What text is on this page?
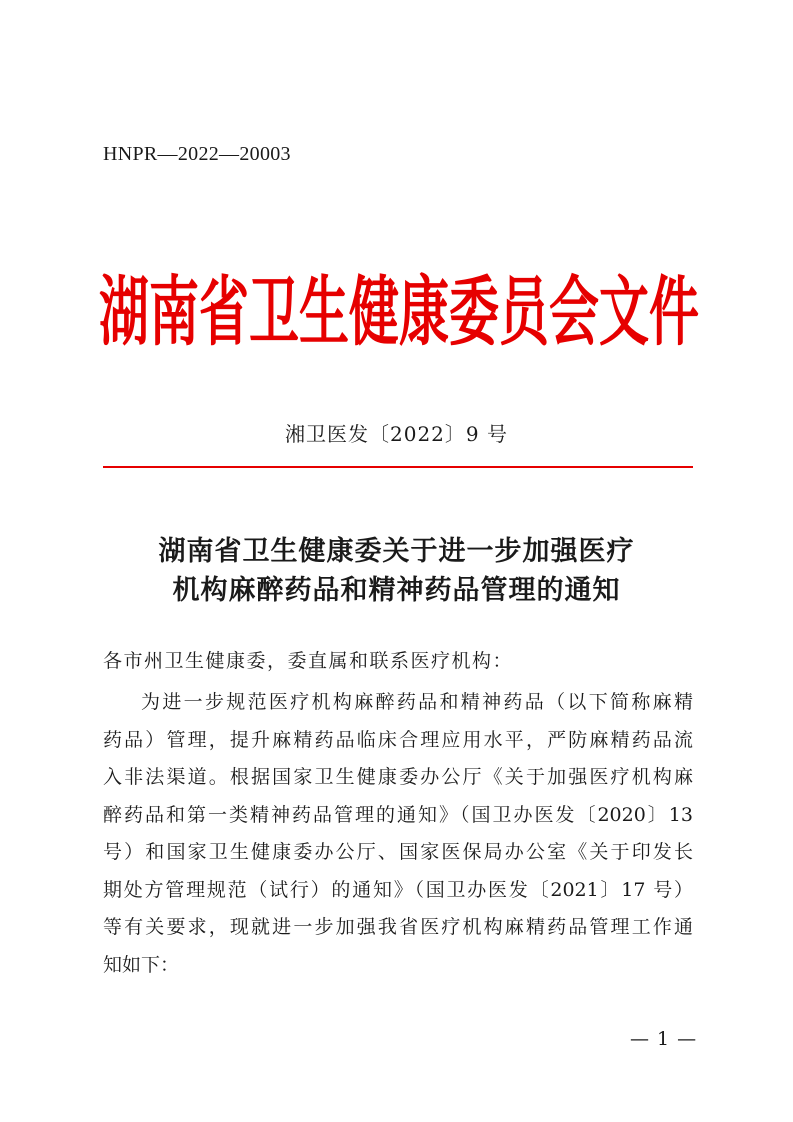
HNPR—2022—20003
湖南省卫生健康委员会文件
湘卫医发〔2022〕9 号
湖南省卫生健康委关于进一步加强医疗
机构麻醉药品和精神药品管理的通知
各市州卫生健康委，委直属和联系医疗机构：
为进一步规范医疗机构麻醉药品和精神药品（以下简称麻精
药品）管理，提升麻精药品临床合理应用水平，严防麻精药品流
入非法渠道。根据国家卫生健康委办公厅《关于加强医疗机构麻
醉药品和第一类精神药品管理的通知》（国卫办医发〔2020〕13
号）和国家卫生健康委办公厅、国家医保局办公室《关于印发长
期处方管理规范（试行）的通知》（国卫办医发〔2021〕17 号）
等有关要求，现就进一步加强我省医疗机构麻精药品管理工作通
知如下：
— 1 —
